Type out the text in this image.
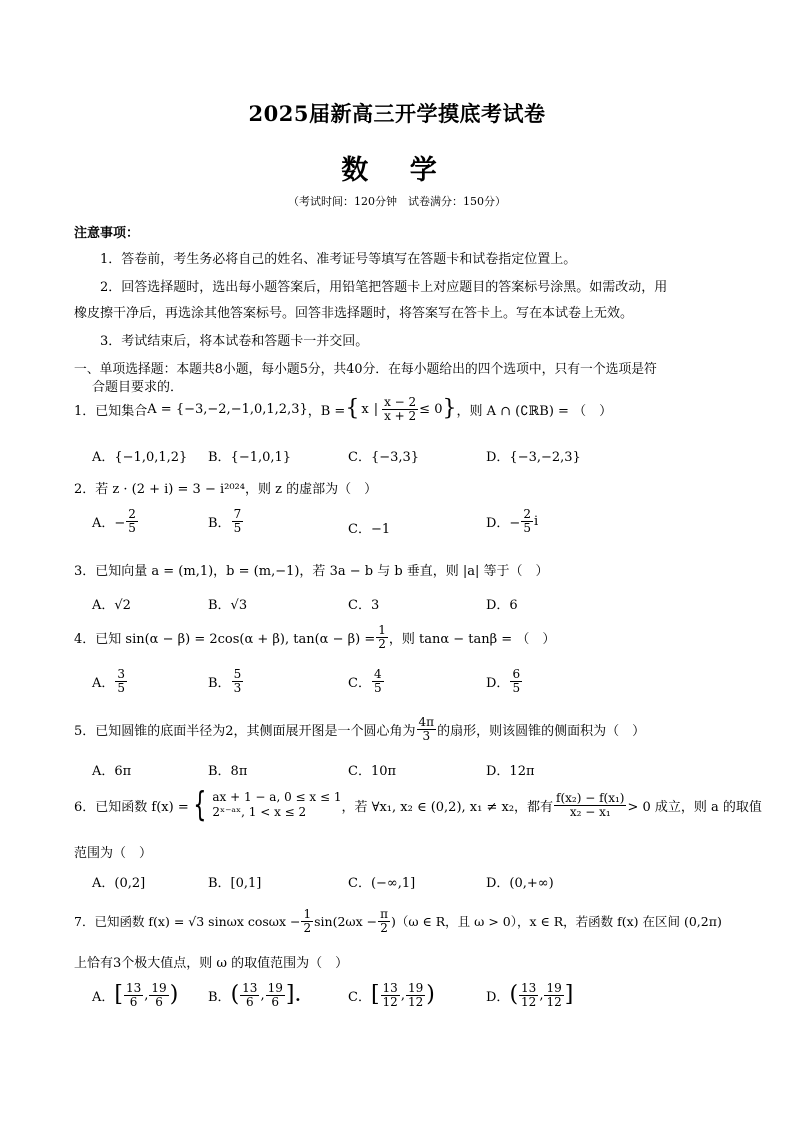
2025届新高三开学摸底考试卷
数 学
（考试时间：120分钟　试卷满分：150分）
注意事项：
1．答卷前，考生务必将自己的姓名、准考证号等填写在答题卡和试卷指定位置上。
2．回答选择题时，选出每小题答案后，用铅笔把答题卡上对应题目的答案标号涂黑。如需改动，用
橡皮擦干净后，再选涂其他答案标号。回答非选择题时，将答案写在答卡上。写在本试卷上无效。
3．考试结束后，将本试卷和答题卡一并交回。
一、单项选择题：本题共8小题，每小题5分，共40分．在每小题给出的四个选项中，只有一个选项是符
合题目要求的．
1．已知集合 A = {−3,−2,−1,0,1,2,3} ，B = { x | $\frac{x - 2}{x + 2} \le 0$ } ，则 A ∩ (∁ℝB) = （　）
A．{−1,0,1,2} B．{−1,0,1}	C．{−3,3}	D．{−3,−2,3}
2．若 z · (2 + i) = 3 − i²⁰²⁴，则 z 的虚部为（　）
A．− $\frac{2}{5}$	B． $\frac{7}{5}$	C．−1	D．− $\frac{2}{5}$ i
3．已知向量 a = (m,1)，b = (m,−1)，若 3a − b 与 b 垂直，则 |a| 等于（　）
A．√2	B．√3	C．3	D．6
4．已知 sin(α − β) = 2cos(α + β), $\tan(\alpha - \beta) = \frac{1}{2}$ ，则 tanα − tanβ = （　）
A． $\frac{3}{5}$	B． $\frac{5}{3}$	C． $\frac{4}{5}$	D． $\frac{6}{5}$
5．已知圆锥的底面半径为2，其侧面展开图是一个圆心角为 $\frac{4\pi}{3}$ 的扇形，则该圆锥的侧面积为（　）
A．6π	B．8π	C．10π	D．12π
6．已知函数 f(x) = { ax + 1 − a, 0 ≤ x ≤ 1
2ˣ⁻ᵃˣ, 1 < x ≤ 2	，若 ∀x₁, x₂ ∈ (0,2), x₁ ≠ x₂，都有 $\frac{\text{f(x₂) − f(x₁)}}{\text{x₂ − x₁}} > 0$ 成立，则 a 的取值
范围为（　）
A．(0,2]	B．[0,1]	C．(−∞,1]	D．(0,+∞)
7．已知函数 f(x) = √3 sinωx $\cos\omega x - \frac{1}{2} \sin(2\omega x - \frac{\pi}{2} )(\omega$ ∈ R，且 ω > 0），x ∈ R，若函数 f(x) 在区间 (0,2π)
上恰有3个极大值点，则 ω 的取值范围为（　）
A． [ $\frac{13}{6}$ , $\frac{19}{6}$ ) B． ( $\frac{13}{6}$ , $\frac{19}{6}$ ]． C． [ $\frac{13}{12}$ , $\frac{19}{12}$ )	D． ( $\frac{13}{12}$ , $\frac{19}{12}$ ]
